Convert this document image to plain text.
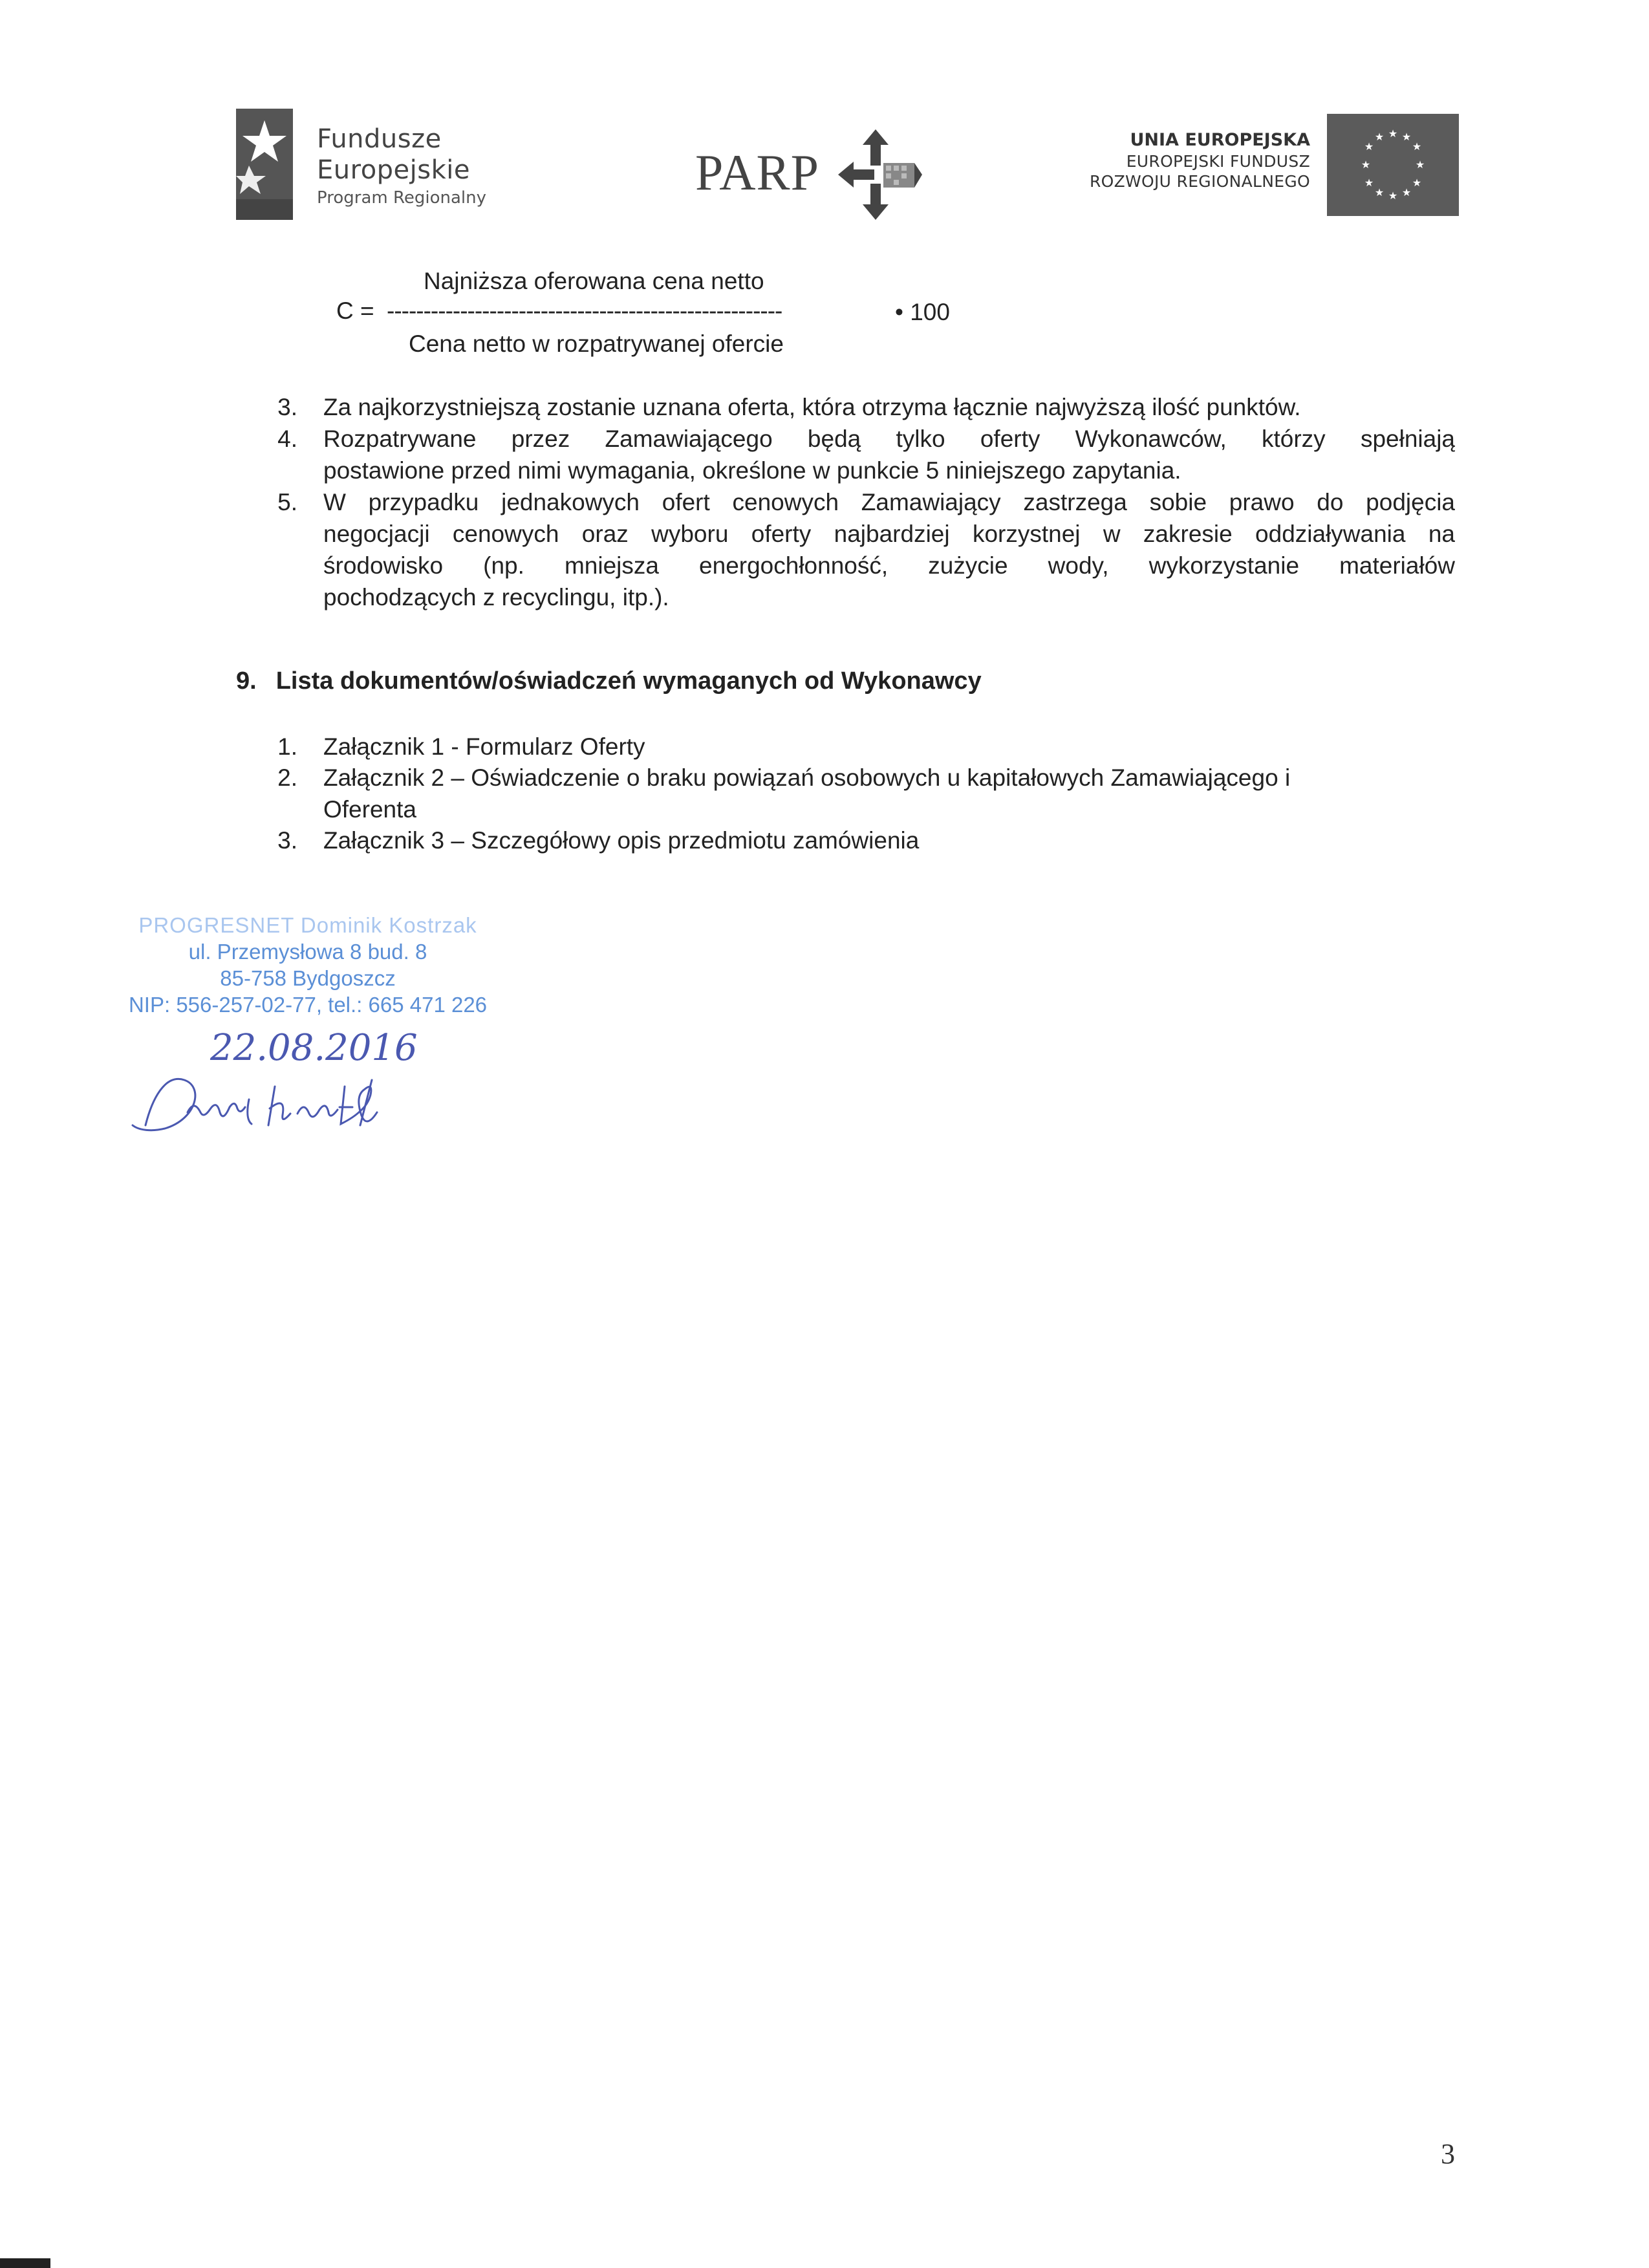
Fundusze
Europejskie
Program Regionalny	PARP
UNIA EUROPEJSKA
EUROPEJSKI FUNDUSZ
ROZWOJU REGIONALNEGO
★ ★
★
★
★
★
★
★
★
★
★
★
Najniższa oferowana cena netto
C = ------------------------------------------------------	• 100
Cena netto w rozpatrywanej ofercie
3. Za najkorzystniejszą zostanie uznana oferta, która otrzyma łącznie najwyższą ilość punktów.
4. Rozpatrywane przez Zamawiającego będą tylko oferty Wykonawców, którzy spełniają
postawione przed nimi wymagania, określone w punkcie 5 niniejszego zapytania.
5. W przypadku jednakowych ofert cenowych Zamawiający zastrzega sobie prawo do podjęcia
negocjacji cenowych oraz wyboru oferty najbardziej korzystnej w zakresie oddziaływania na
środowisko (np. mniejsza energochłonność, zużycie wody, wykorzystanie materiałów
pochodzących z recyclingu, itp.).
9. Lista dokumentów/oświadczeń wymaganych od Wykonawcy
1. Załącznik 1 - Formularz Oferty
2. Załącznik 2 – Oświadczenie o braku powiązań osobowych u kapitałowych Zamawiającego i
Oferenta
3. Załącznik 3 – Szczegółowy opis przedmiotu zamówienia
PROGRESNET Dominik Kostrzak
ul. Przemysłowa 8 bud. 8
85-758 Bydgoszcz
NIP: 556-257-02-77, tel.: 665 471 226
22.08.2016
3
